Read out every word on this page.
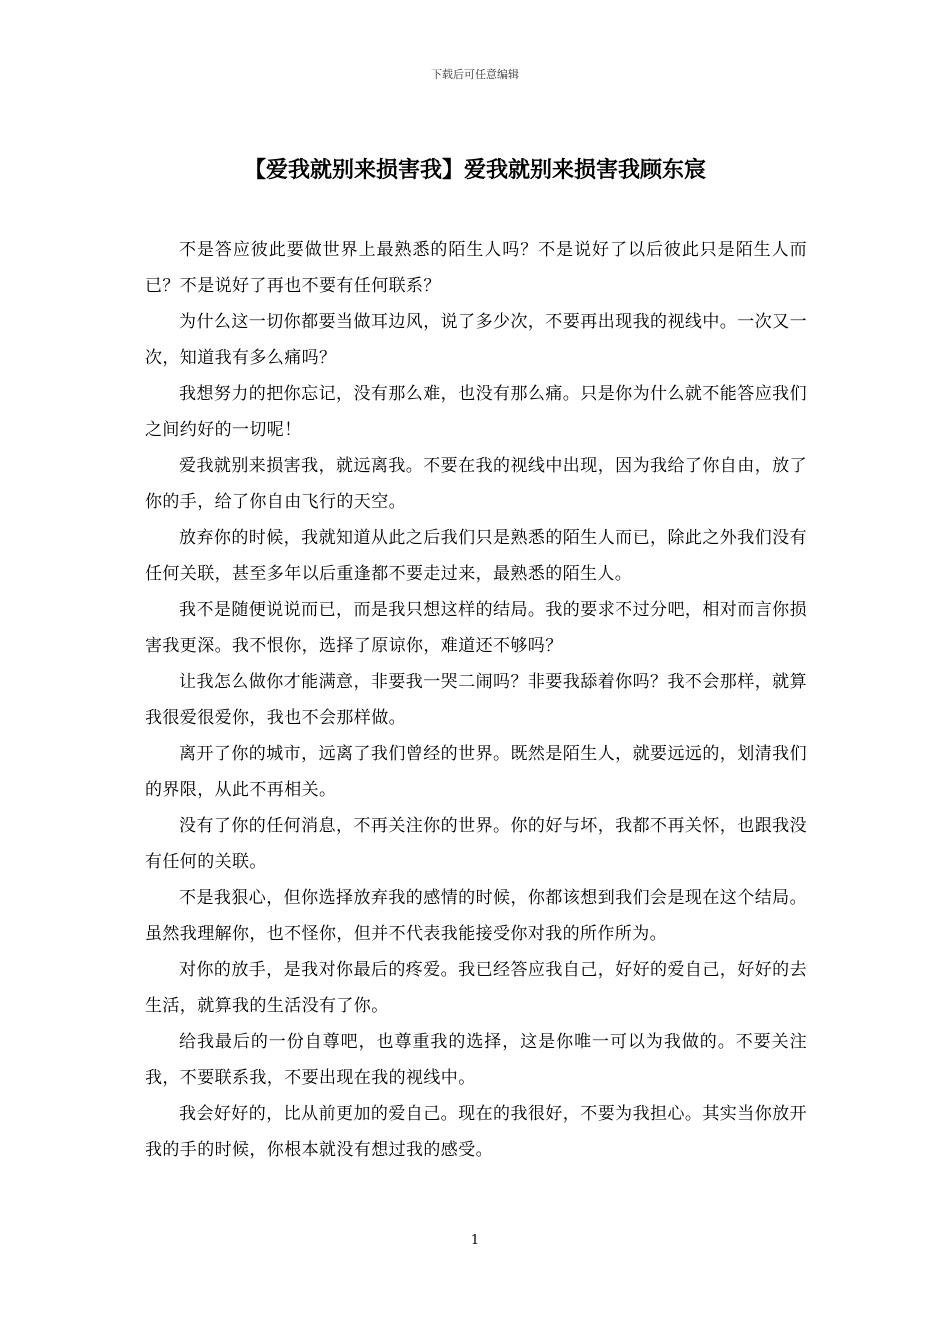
下载后可任意编辑
【爱我就别来损害我】爱我就别来损害我顾东宸

不是答应彼此要做世界上最熟悉的陌生人吗？不是说好了以后彼此只是陌生人而已？不是说好了再也不要有任何联系？

为什么这一切你都要当做耳边风，说了多少次，不要再出现我的视线中。一次又一次，知道我有多么痛吗？

我想努力的把你忘记，没有那么难，也没有那么痛。只是你为什么就不能答应我们之间约好的一切呢！

爱我就别来损害我，就远离我。不要在我的视线中出现，因为我给了你自由，放了你的手，给了你自由飞行的天空。

放弃你的时候，我就知道从此之后我们只是熟悉的陌生人而已，除此之外我们没有任何关联，甚至多年以后重逢都不要走过来，最熟悉的陌生人。

我不是随便说说而已，而是我只想这样的结局。我的要求不过分吧，相对而言你损害我更深。我不恨你，选择了原谅你，难道还不够吗？

让我怎么做你才能满意，非要我一哭二闹吗？非要我舔着你吗？我不会那样，就算我很爱很爱你，我也不会那样做。

离开了你的城市，远离了我们曾经的世界。既然是陌生人，就要远远的，划清我们的界限，从此不再相关。

没有了你的任何消息，不再关注你的世界。你的好与坏，我都不再关怀，也跟我没有任何的关联。

不是我狠心，但你选择放弃我的感情的时候，你都该想到我们会是现在这个结局。虽然我理解你，也不怪你，但并不代表我能接受你对我的所作所为。

对你的放手，是我对你最后的疼爱。我已经答应我自己，好好的爱自己，好好的去生活，就算我的生活没有了你。

给我最后的一份自尊吧，也尊重我的选择，这是你唯一可以为我做的。不要关注我，不要联系我，不要出现在我的视线中。

我会好好的，比从前更加的爱自己。现在的我很好，不要为我担心。其实当你放开我的手的时候，你根本就没有想过我的感受。

1
